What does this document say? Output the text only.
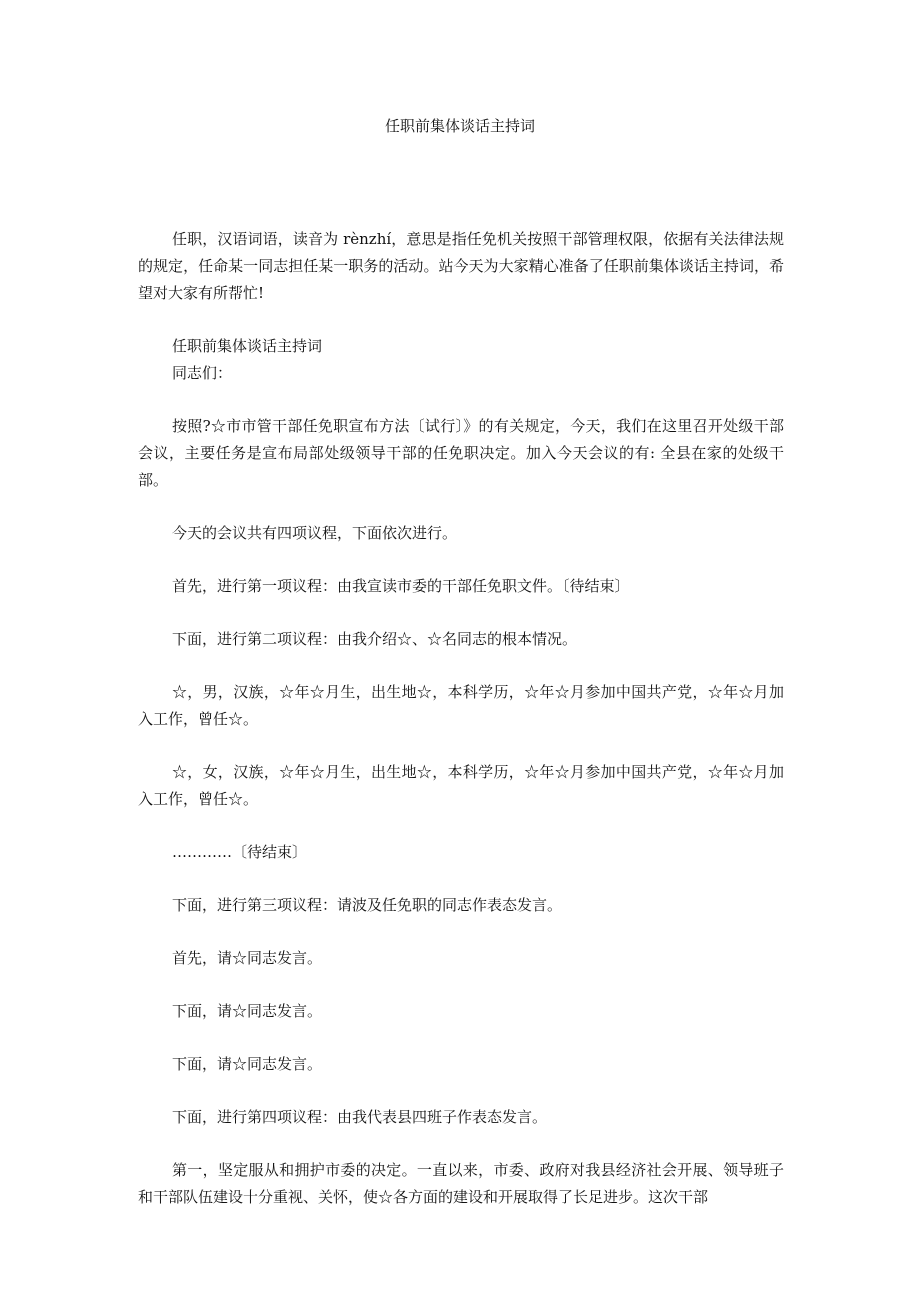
任职前集体谈话主持词

任职，汉语词语，读音为 rènzhí，意思是指任免机关按照干部管理权限，依据有关法律法规的规定，任命某一同志担任某一职务的活动。站今天为大家精心准备了任职前集体谈话主持词，希望对大家有所帮忙!

任职前集体谈话主持词

同志们：

按照?☆市市管干部任免职宣布方法〔试行〕》的有关规定，今天，我们在这里召开处级干部会议，主要任务是宣布局部处级领导干部的任免职决定。加入今天会议的有: 全县在家的处级干部。

今天的会议共有四项议程，下面依次进行。

首先，进行第一项议程：由我宣读市委的干部任免职文件。〔待结束〕

下面，进行第二项议程：由我介绍☆、☆名同志的根本情况。

☆，男，汉族，☆年☆月生，出生地☆，本科学历，☆年☆月参加中国共产党，☆年☆月加入工作，曾任☆。

☆，女，汉族，☆年☆月生，出生地☆，本科学历，☆年☆月参加中国共产党，☆年☆月加入工作，曾任☆。

…………〔待结束〕

下面，进行第三项议程：请波及任免职的同志作表态发言。

首先，请☆同志发言。

下面，请☆同志发言。

下面，请☆同志发言。

下面，进行第四项议程：由我代表县四班子作表态发言。

第一，坚定服从和拥护市委的决定。一直以来，市委、政府对我县经济社会开展、领导班子和干部队伍建设十分重视、关怀，使☆各方面的建设和开展取得了长足进步。这次干部
